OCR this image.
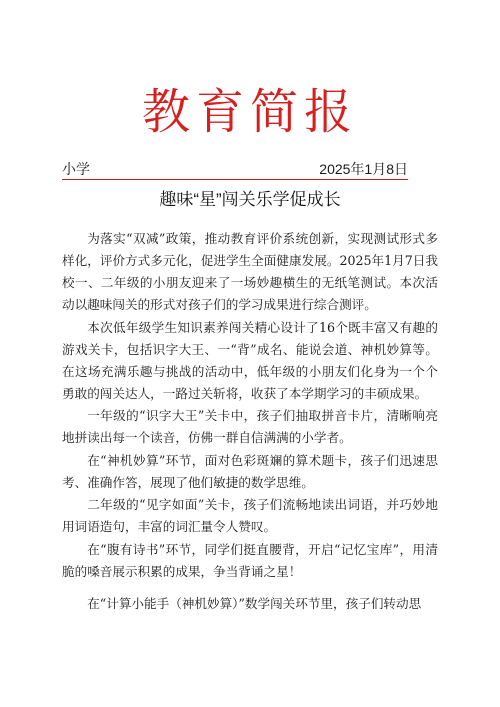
教育简报
小学	2025年1月8日
趣味“星”闯关乐学促成长

为落实“双减”政策，推动教育评价系统创新，实现测试形式多样化，评价方式多元化，促进学生全面健康发展。2025年1月7日我校一、二年级的小朋友迎来了一场妙趣横生的无纸笔测试。本次活动以趣味闯关的形式对孩子们的学习成果进行综合测评。

本次低年级学生知识素养闯关精心设计了16个既丰富又有趣的游戏关卡，包括识字大王、一“背”成名、能说会道、神机妙算等。在这场充满乐趣与挑战的活动中，低年级的小朋友们化身为一个个勇敢的闯关达人，一路过关斩将，收获了本学期学习的丰硕成果。

一年级的“识字大王”关卡中，孩子们抽取拼音卡片，清晰响亮地拼读出每一个读音，仿佛一群自信满满的小学者。

在“神机妙算”环节，面对色彩斑斓的算术题卡，孩子们迅速思考、准确作答，展现了他们敏捷的数学思维。

二年级的“见字如面”关卡，孩子们流畅地读出词语，并巧妙地用词语造句，丰富的词汇量令人赞叹。

在“腹有诗书”环节，同学们挺直腰背，开启“记忆宝库”，用清脆的嗓音展示积累的成果，争当背诵之星！

在“计算小能手（神机妙算）”数学闯关环节里，孩子们转动思
